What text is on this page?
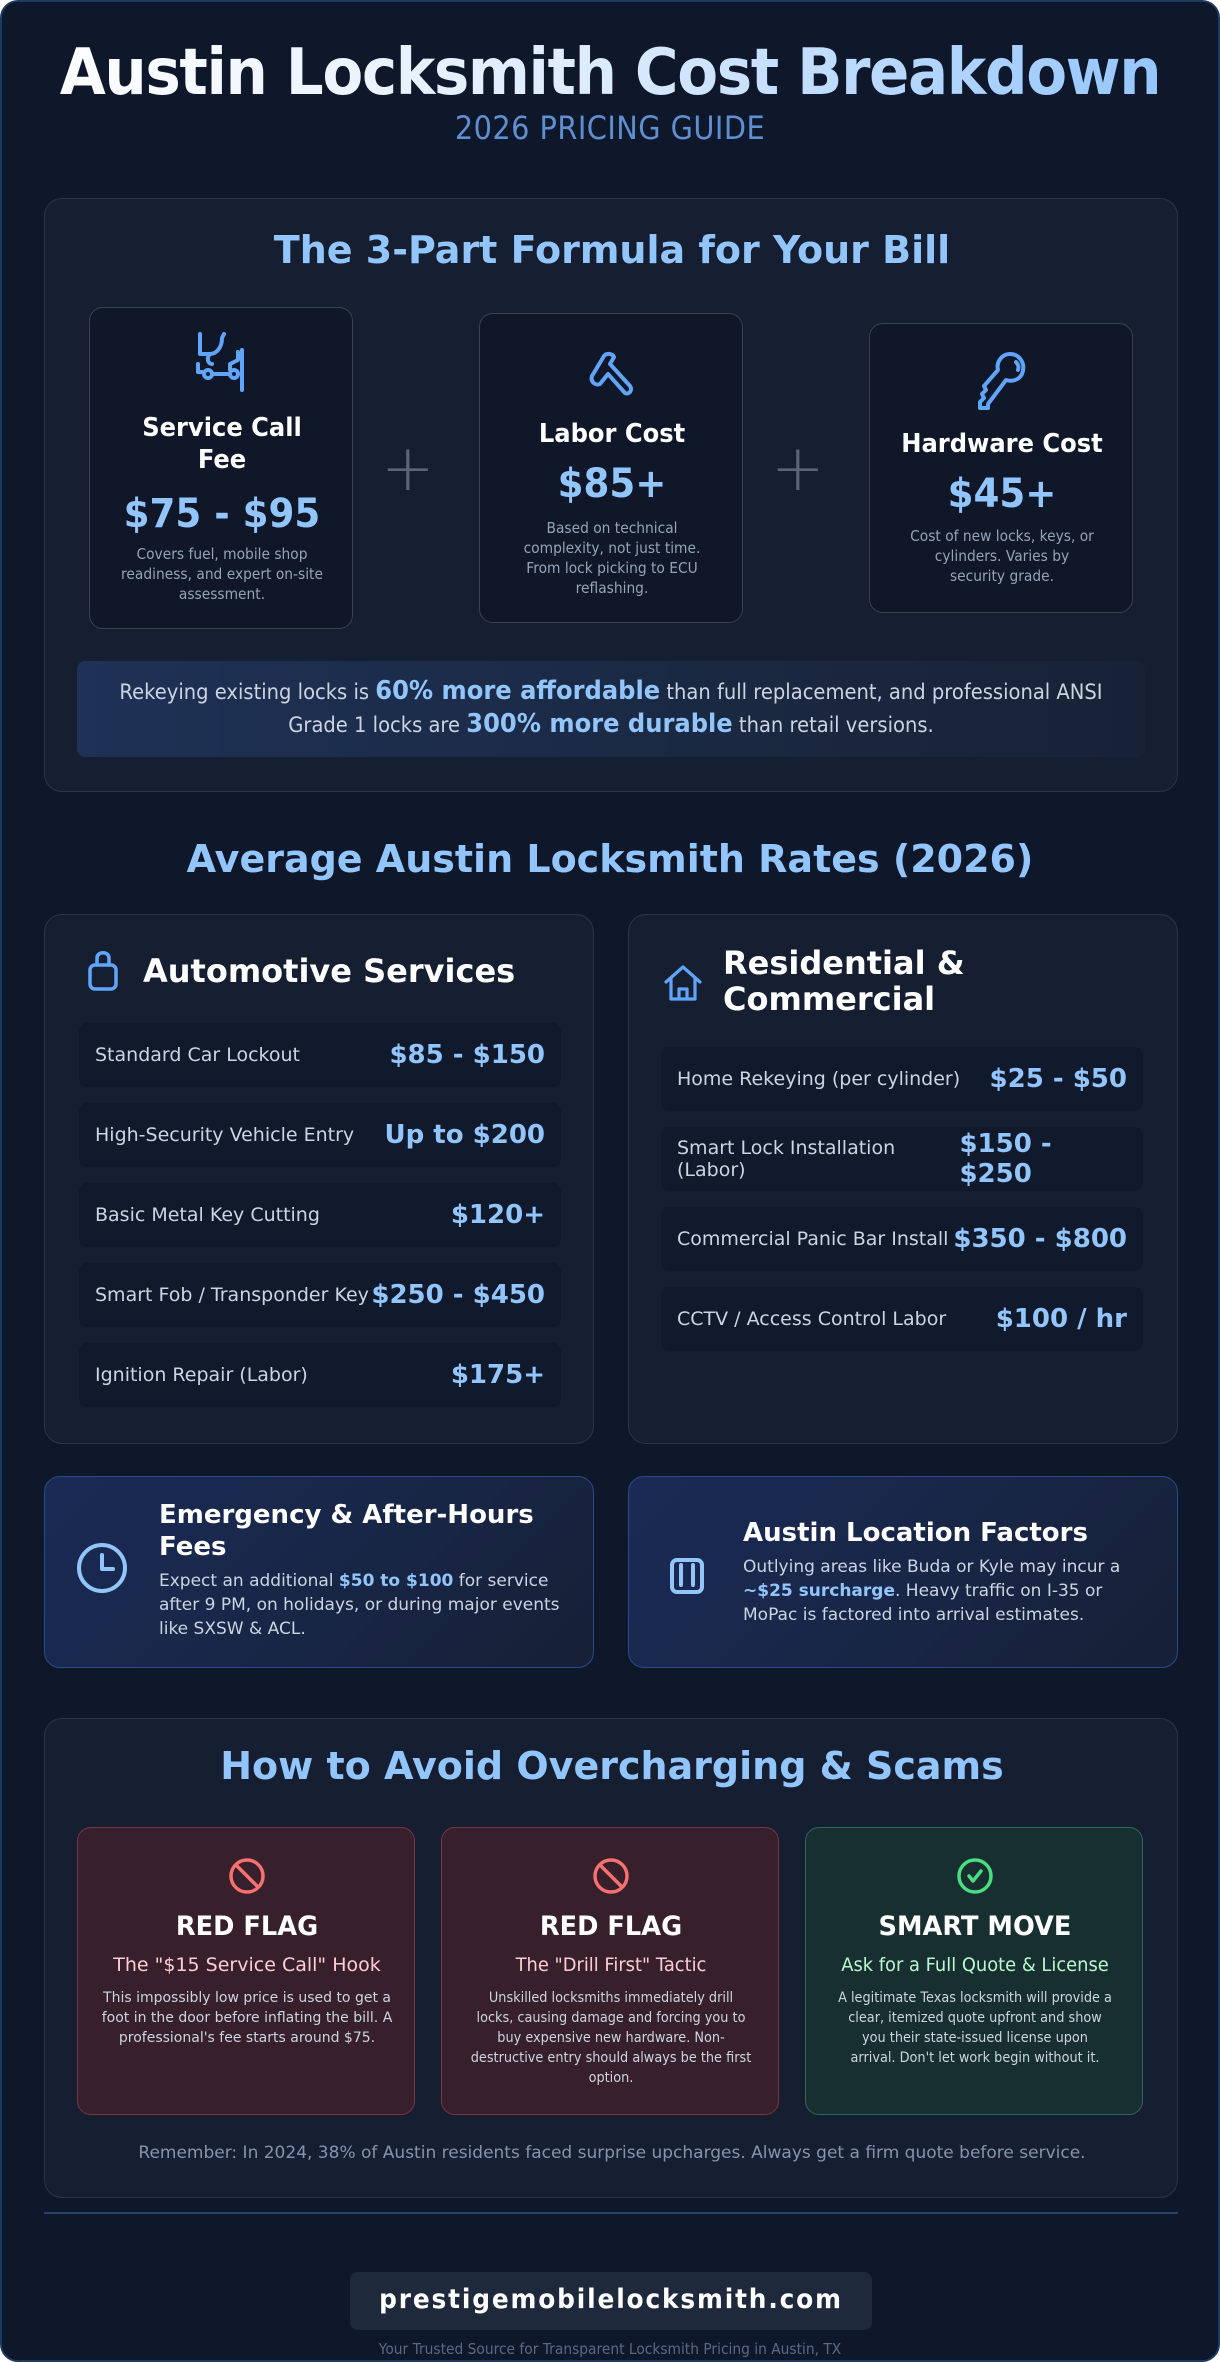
Austin Locksmith Cost Breakdown
2026 PRICING GUIDE
The 3-Part Formula for Your Bill
Service Call Fee
$75 - $95
Covers fuel, mobile shop readiness, and expert on-site assessment.
+	Labor Cost
$85+
Based on technical complexity, not just time. From lock picking to ECU reflashing.
+	Hardware Cost
$45+
Cost of new locks, keys, or cylinders. Varies by security grade.
Rekeying existing locks is 60% more affordable than full replacement, and professional ANSI Grade 1 locks are 300% more durable than retail versions.
Average Austin Locksmith Rates (2026)
Automotive Services
Standard Car Lockout	$85 - $150
High-Security Vehicle Entry Up to $200
Basic Metal Key Cutting	$120+
Smart Fob / Transponder Key $250 - $450
Ignition Repair (Labor)	$175+
Residential &
Commercial
Home Rekeying (per cylinder) $25 - $50
Smart Lock Installation (Labor)
$150 - $250
Commercial Panic Bar Install $350 - $800
CCTV / Access Control Labor $100 / hr
Emergency & After-Hours Fees
Expect an additional $50 to $100 for service after 9 PM, on holidays, or during major events like SXSW & ACL.
Austin Location Factors
Outlying areas like Buda or Kyle may incur a ~$25 surcharge. Heavy traffic on I-35 or MoPac is factored into arrival estimates.
How to Avoid Overcharging & Scams
RED FLAG
The "$15 Service Call" Hook
This impossibly low price is used to get a foot in the door before inflating the bill. A professional's fee starts around $75.
RED FLAG
The "Drill First" Tactic
Unskilled locksmiths immediately drill locks, causing damage and forcing you to buy expensive new hardware. Non-destructive entry should always be the first option.
SMART MOVE
Ask for a Full Quote & License
A legitimate Texas locksmith will provide a clear, itemized quote upfront and show you their state-issued license upon arrival. Don't let work begin without it.
Remember: In 2024, 38% of Austin residents faced surprise upcharges. Always get a firm quote before service.
prestigemobilelocksmith.com
Your Trusted Source for Transparent Locksmith Pricing in Austin, TX
